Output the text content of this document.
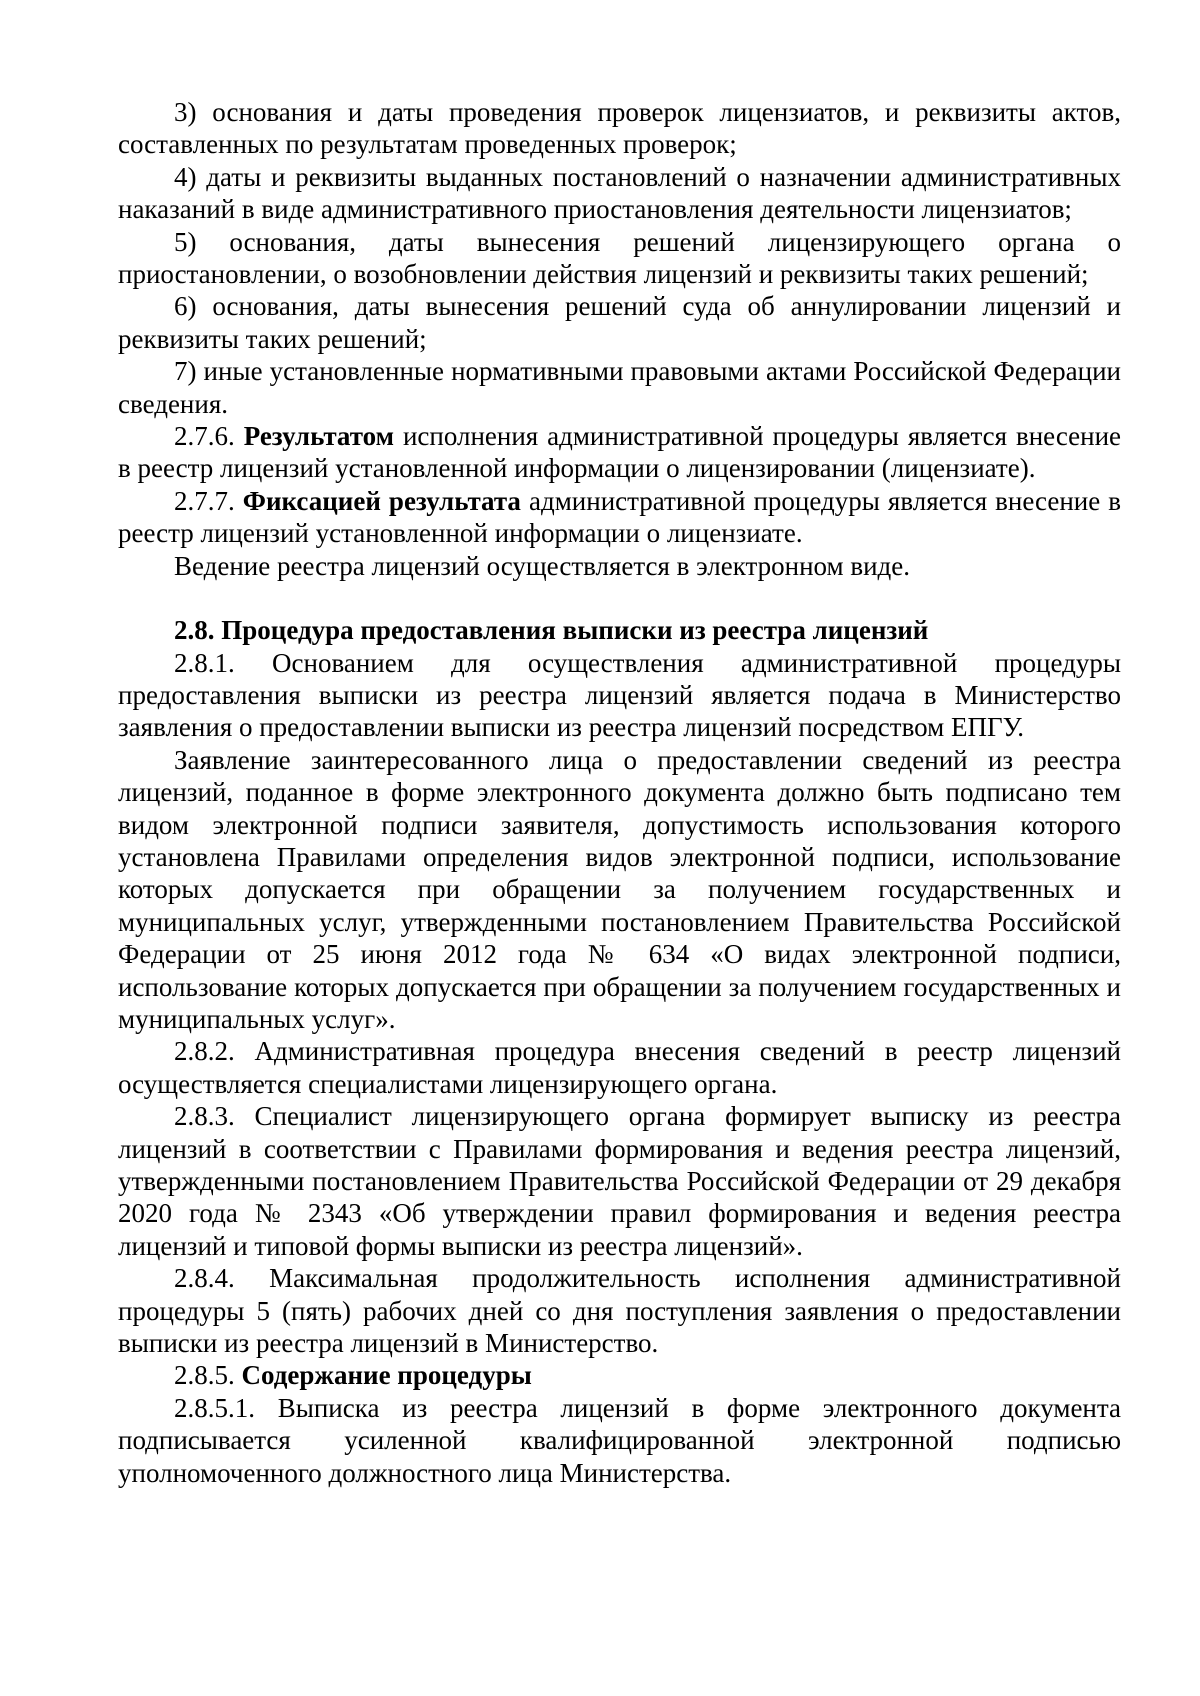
3) основания и даты проведения проверок лицензиатов, и реквизиты актов, составленных по результатам проведенных проверок;

4) даты и реквизиты выданных постановлений о назначении административных наказаний в виде административного приостановления деятельности лицензиатов;

5) основания, даты вынесения решений лицензирующего органа о приостановлении, о возобновлении действия лицензий и реквизиты таких решений;

6) основания, даты вынесения решений суда об аннулировании лицензий и реквизиты таких решений;

7) иные установленные нормативными правовыми актами Российской Федерации сведения.

2.7.6. Результатом исполнения административной процедуры является внесение в реестр лицензий установленной информации о лицензировании (лицензиате).

2.7.7. Фиксацией результата административной процедуры является внесение в реестр лицензий установленной информации о лицензиате.

Ведение реестра лицензий осуществляется в электронном виде.

2.8. Процедура предоставления выписки из реестра лицензий

2.8.1. Основанием для осуществления административной процедуры предоставления выписки из реестра лицензий является подача в Министерство заявления о предоставлении выписки из реестра лицензий посредством ЕПГУ.

Заявление заинтересованного лица о предоставлении сведений из реестра лицензий, поданное в форме электронного документа должно быть подписано тем видом электронной подписи заявителя, допустимость использования которого установлена Правилами определения видов электронной подписи, использование которых допускается при обращении за получением государственных и муниципальных услуг, утвержденными постановлением Правительства Российской Федерации от 25 июня 2012 года № 634 «О видах электронной подписи, использование которых допускается при обращении за получением государственных и муниципальных услуг».

2.8.2. Административная процедура внесения сведений в реестр лицензий осуществляется специалистами лицензирующего органа.

2.8.3. Специалист лицензирующего органа формирует выписку из реестра лицензий в соответствии с Правилами формирования и ведения реестра лицензий, утвержденными постановлением Правительства Российской Федерации от 29 декабря 2020 года № 2343 «Об утверждении правил формирования и ведения реестра лицензий и типовой формы выписки из реестра лицензий».

2.8.4. Максимальная продолжительность исполнения административной процедуры 5 (пять) рабочих дней со дня поступления заявления о предоставлении выписки из реестра лицензий в Министерство.

2.8.5. Содержание процедуры

2.8.5.1. Выписка из реестра лицензий в форме электронного документа подписывается усиленной квалифицированной электронной подписью уполномоченного должностного лица Министерства.
